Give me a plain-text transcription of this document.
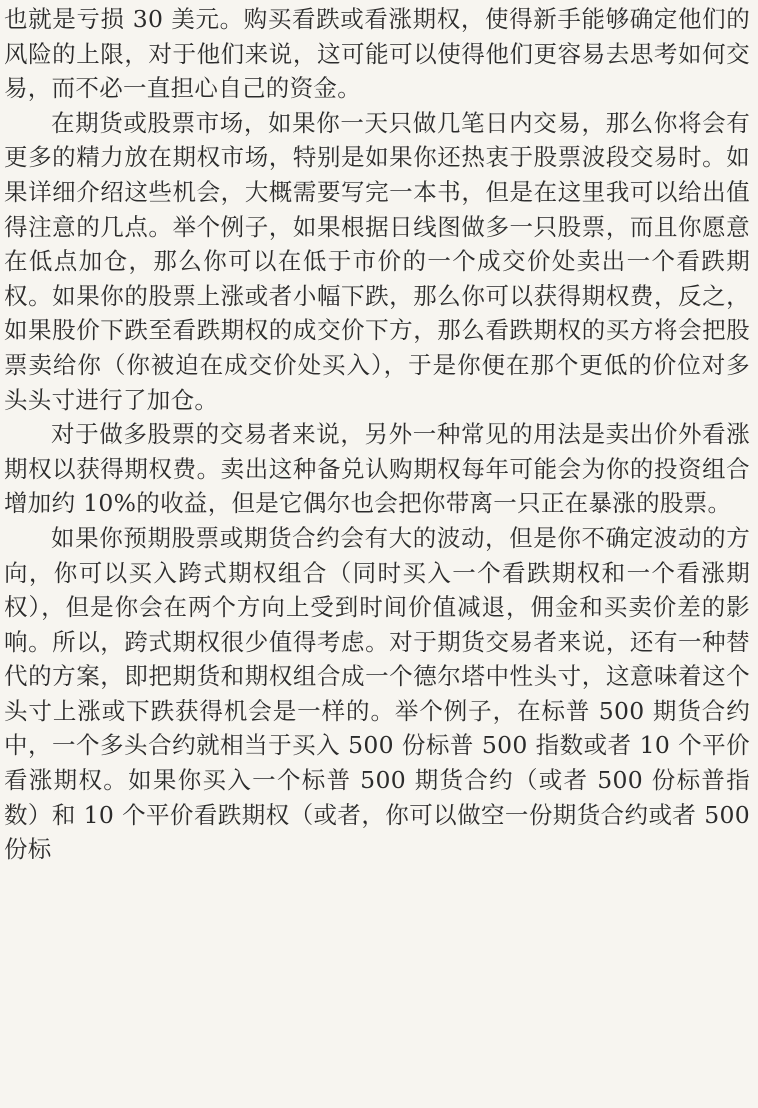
也就是亏损 30 美元。购买看跌或看涨期权，使得新手能够确定他们的风险的上限，对于他们来说，这可能可以使得他们更容易去思考如何交易，而不必一直担心自己的资金。

在期货或股票市场，如果你一天只做几笔日内交易，那么你将会有更多的精力放在期权市场，特别是如果你还热衷于股票波段交易时。如果详细介绍这些机会，大概需要写完一本书，但是在这里我可以给出值得注意的几点。举个例子，如果根据日线图做多一只股票，而且你愿意在低点加仓，那么你可以在低于市价的一个成交价处卖出一个看跌期权。如果你的股票上涨或者小幅下跌，那么你可以获得期权费，反之，如果股价下跌至看跌期权的成交价下方，那么看跌期权的买方将会把股票卖给你（你被迫在成交价处买入），于是你便在那个更低的价位对多头头寸进行了加仓。

对于做多股票的交易者来说，另外一种常见的用法是卖出价外看涨期权以获得期权费。卖出这种备兑认购期权每年可能会为你的投资组合增加约 10%的收益，但是它偶尔也会把你带离一只正在暴涨的股票。

如果你预期股票或期货合约会有大的波动，但是你不确定波动的方向，你可以买入跨式期权组合（同时买入一个看跌期权和一个看涨期权），但是你会在两个方向上受到时间价值减退，佣金和买卖价差的影响。所以，跨式期权很少值得考虑。对于期货交易者来说，还有一种替代的方案，即把期货和期权组合成一个德尔塔中性头寸，这意味着这个头寸上涨或下跌获得机会是一样的。举个例子，在标普 500 期货合约中，一个多头合约就相当于买入 500 份标普 500 指数或者 10 个平价看涨期权。如果你买入一个标普 500 期货合约（或者 500 份标普指数）和 10 个平价看跌期权（或者，你可以做空一份期货合约或者 500 份标
